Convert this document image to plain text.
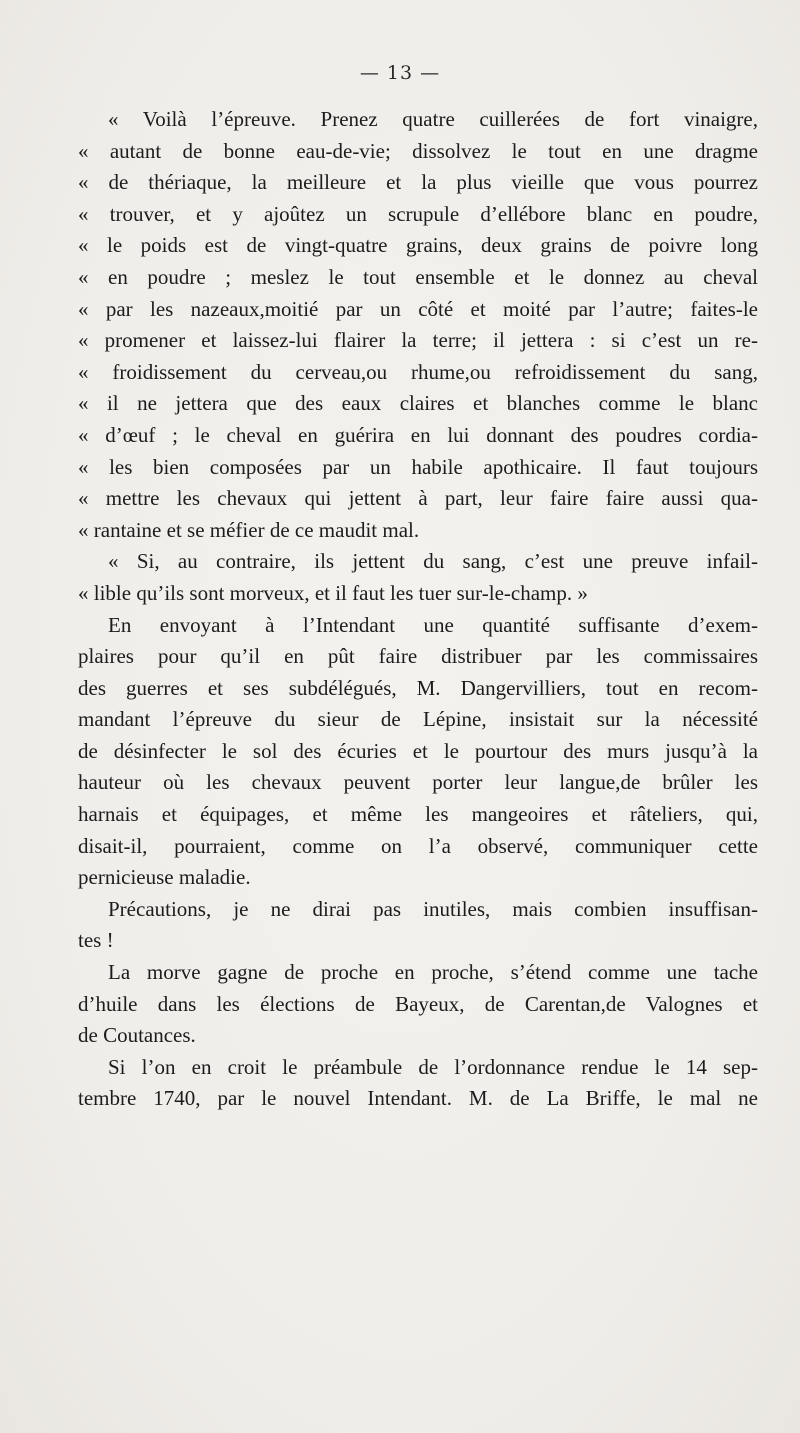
— 13 —
« Voilà l’épreuve. Prenez quatre cuillerées de fort vinaigre,
« autant de bonne eau-de-vie; dissolvez le tout en une dragme
« de thériaque, la meilleure et la plus vieille que vous pourrez
« trouver, et y ajoûtez un scrupule d’ellébore blanc en poudre,
« le poids est de vingt-quatre grains, deux grains de poivre long
« en poudre ; meslez le tout ensemble et le donnez au cheval
« par les nazeaux,moitié par un côté et moité par l’autre; faites-le
« promener et laissez-lui flairer la terre; il jettera : si c’est un re-
« froidissement du cerveau,ou rhume,ou refroidissement du sang,
« il ne jettera que des eaux claires et blanches comme le blanc
« d’œuf ; le cheval en guérira en lui donnant des poudres cordia-
« les bien composées par un habile apothicaire. Il faut toujours
« mettre les chevaux qui jettent à part, leur faire faire aussi qua-
« rantaine et se méfier de ce maudit mal.
« Si, au contraire, ils jettent du sang, c’est une preuve infail-
« lible qu’ils sont morveux, et il faut les tuer sur-le-champ. »
En envoyant à l’Intendant une quantité suffisante d’exem-
plaires pour qu’il en pût faire distribuer par les commissaires
des guerres et ses subdélégués, M. Dangervilliers, tout en recom-
mandant l’épreuve du sieur de Lépine, insistait sur la nécessité
de désinfecter le sol des écuries et le pourtour des murs jusqu’à la
hauteur où les chevaux peuvent porter leur langue,de brûler les
harnais et équipages, et même les mangeoires et râteliers, qui,
disait-il, pourraient, comme on l’a observé, communiquer cette
pernicieuse maladie.
Précautions, je ne dirai pas inutiles, mais combien insuffisan-
tes !
La morve gagne de proche en proche, s’étend comme une tache
d’huile dans les élections de Bayeux, de Carentan,de Valognes et
de Coutances.
Si l’on en croit le préambule de l’ordonnance rendue le 14 sep-
tembre 1740, par le nouvel Intendant. M. de La Briffe, le mal ne
